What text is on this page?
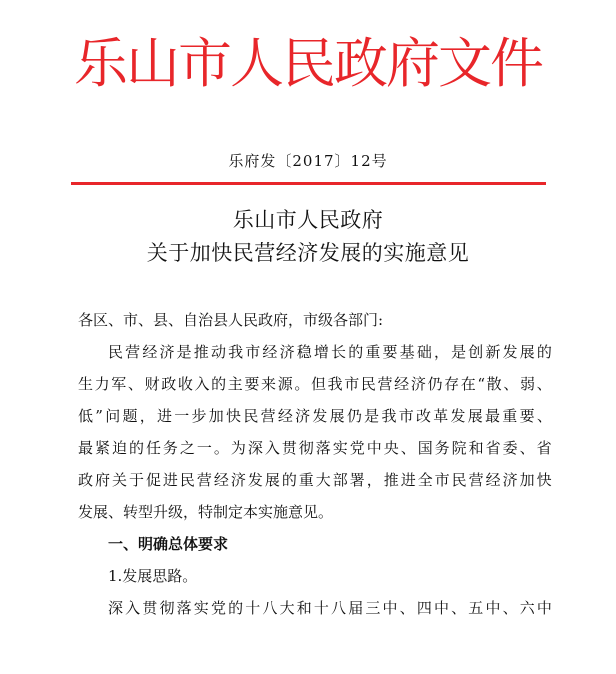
乐山市人民政府文件
乐府发〔2017〕12号
乐山市人民政府
关于加快民营经济发展的实施意见
各区、市、县、自治县人民政府，市级各部门:
民 营 经 济 是 推 动 我 市 经 济 稳 增 长 的 重 要 基 础 ， 是 创 新 发 展 的
生 力 军 、 财 政 收 入 的 主 要 来 源 。 但 我 市 民 营 经 济 仍 存 在 “ 散 、 弱 、
低 ” 问 题 ， 进 一 步 加 快 民 营 经 济 发 展 仍 是 我 市 改 革 发 展 最 重 要 、
最 紧 迫 的 任 务 之 一 。 为 深 入 贯 彻 落 实 党 中 央 、 国 务 院 和 省 委 、 省
政 府 关 于 促 进 民 营 经 济 发 展 的 重 大 部 署 ， 推 进 全 市 民 营 经 济 加 快
发展、转型升级，特制定本实施意见。
一、明确总体要求
1.发展思路。
深 入 贯 彻 落 实 党 的 十 八 大 和 十 八 届 三 中 、 四 中 、 五 中 、 六 中
